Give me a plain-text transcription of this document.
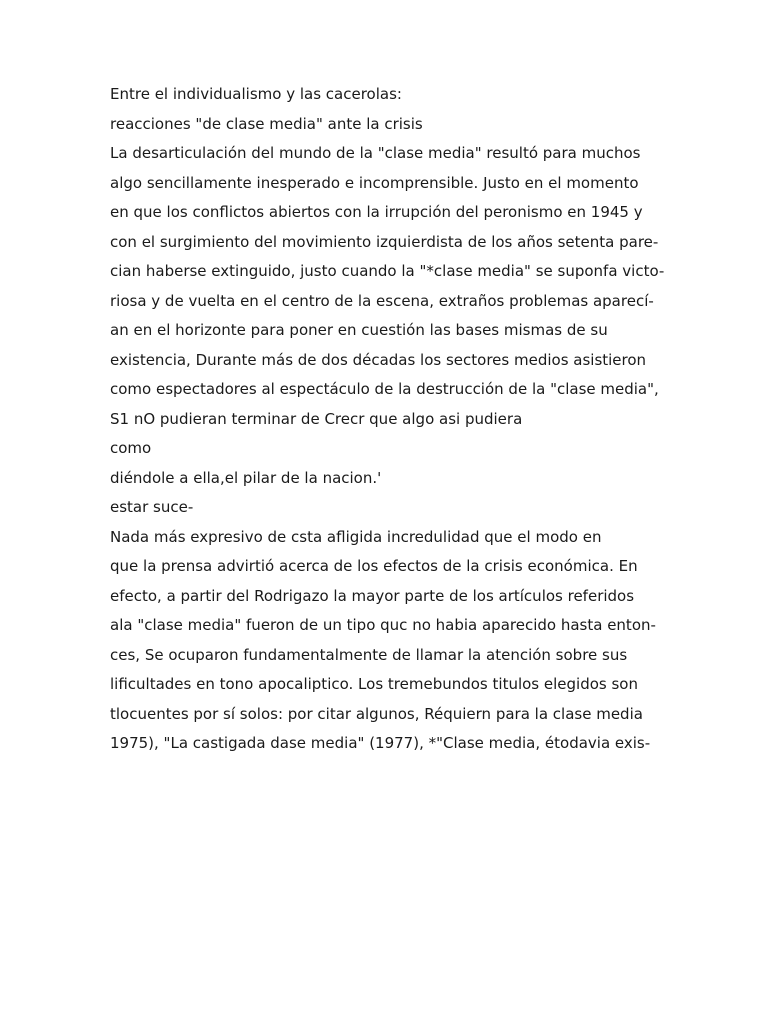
Entre el individualismo y las cacerolas:

reacciones "de clase media" ante la crisis

La desarticulación del mundo de la "clase media" resultó para muchos

algo sencillamente inesperado e incomprensible. Justo en el momento

en que los conflictos abiertos con la irrupción del peronismo en 1945 y

con el surgimiento del movimiento izquierdista de los años setenta pare-

cian haberse extinguido, justo cuando la "*clase media" se suponfa victo-

riosa y de vuelta en el centro de la escena, extraños problemas aparecí-

an en el horizonte para poner en cuestión las bases mismas de su

existencia, Durante más de dos décadas los sectores medios asistieron

como espectadores al espectáculo de la destrucción de la "clase media",

S1 nO pudieran terminar de Crecr que algo asi pudiera

como

diéndole a ella,el pilar de la nacion.'

estar suce-

Nada más expresivo de csta afligida incredulidad que el modo en

que la prensa advirtió acerca de los efectos de la crisis económica. En

efecto, a partir del Rodrigazo la mayor parte de los artículos referidos

ala "clase media" fueron de un tipo quc no habia aparecido hasta enton-

ces, Se ocuparon fundamentalmente de llamar la atención sobre sus

lificultades en tono apocaliptico. Los tremebundos titulos elegidos son

tlocuentes por sí solos: por citar algunos, Réquiern para la clase media

1975), "La castigada dase media" (1977), *"Clase media, étodavia exis-
